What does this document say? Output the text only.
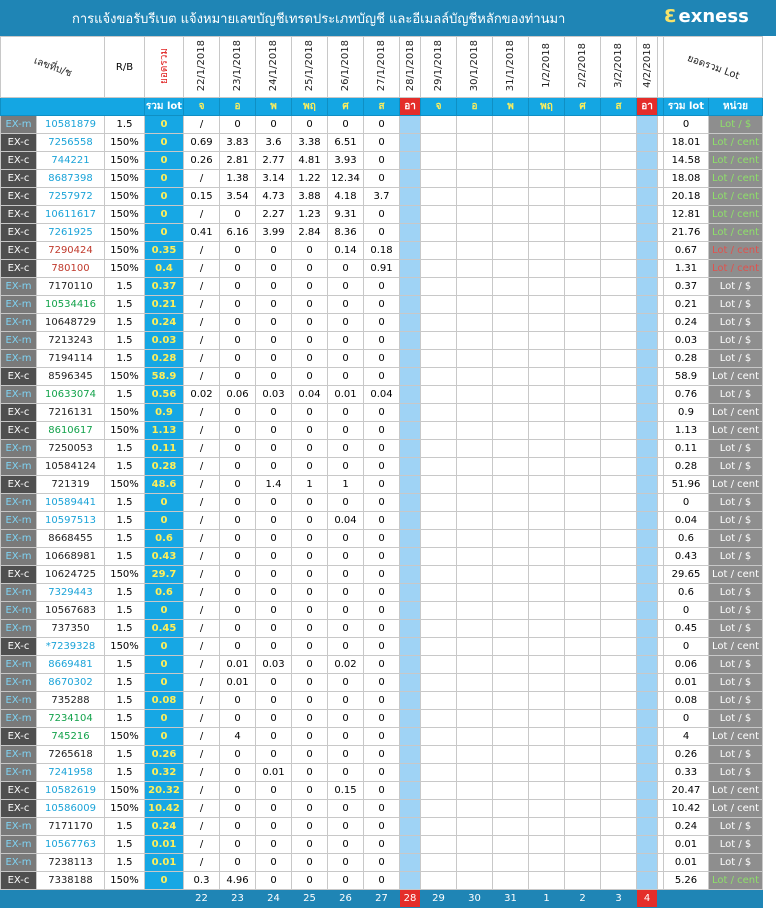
การแจ้งขอรับรีเบต แจ้งหมายเลขบัญชีเทรดประเภทบัญชี และอีเมลล์บัญชีหลักของท่านมา	Ɛ exness
เลขที่บ/ช		R/B	ยอดรวม	22/1/2018	23/1/2018	24/1/2018	25/1/2018	26/1/2018	27/1/2018	28/1/2018	29/1/2018	30/1/2018	31/1/2018	1/2/2018	2/2/2018	3/2/2018	4/2/2018		ยอดรวม Lot	
			รวม lot	จ	อ	พ	พฤ	ศ	ส	อา	จ	อ	พ	พฤ	ศ	ส	อา		รวม lot	หน่วย
EX-m	10581879	1.5	0	/	0	0	0	0	0										0	Lot / $
EX-c	7256558	150%	0	0.69	3.83	3.6	3.38	6.51	0										18.01	Lot / cent
EX-c	744221	150%	0	0.26	2.81	2.77	4.81	3.93	0										14.58	Lot / cent
EX-c	8687398	150%	0	/	1.38	3.14	1.22	12.34	0										18.08	Lot / cent
EX-c	7257972	150%	0	0.15	3.54	4.73	3.88	4.18	3.7										20.18	Lot / cent
EX-c	10611617	150%	0	/	0	2.27	1.23	9.31	0										12.81	Lot / cent
EX-c	7261925	150%	0	0.41	6.16	3.99	2.84	8.36	0										21.76	Lot / cent
EX-c	7290424	150%	0.35	/	0	0	0	0.14	0.18										0.67	Lot / cent
EX-c	780100	150%	0.4	/	0	0	0	0	0.91										1.31	Lot / cent
EX-m	7170110	1.5	0.37	/	0	0	0	0	0										0.37	Lot / $
EX-m	10534416	1.5	0.21	/	0	0	0	0	0										0.21	Lot / $
EX-m	10648729	1.5	0.24	/	0	0	0	0	0										0.24	Lot / $
EX-m	7213243	1.5	0.03	/	0	0	0	0	0										0.03	Lot / $
EX-m	7194114	1.5	0.28	/	0	0	0	0	0										0.28	Lot / $
EX-c	8596345	150%	58.9	/	0	0	0	0	0										58.9	Lot / cent
EX-m	10633074	1.5	0.56	0.02	0.06	0.03	0.04	0.01	0.04										0.76	Lot / $
EX-c	7216131	150%	0.9	/	0	0	0	0	0										0.9	Lot / cent
EX-c	8610617	150%	1.13	/	0	0	0	0	0										1.13	Lot / cent
EX-m	7250053	1.5	0.11	/	0	0	0	0	0										0.11	Lot / $
EX-m	10584124	1.5	0.28	/	0	0	0	0	0										0.28	Lot / $
EX-c	721319	150%	48.6	/	0	1.4	1	1	0										51.96	Lot / cent
EX-m	10589441	1.5	0	/	0	0	0	0	0										0	Lot / $
EX-m	10597513	1.5	0	/	0	0	0	0.04	0										0.04	Lot / $
EX-m	8668455	1.5	0.6	/	0	0	0	0	0										0.6	Lot / $
EX-m	10668981	1.5	0.43	/	0	0	0	0	0										0.43	Lot / $
EX-c	10624725	150%	29.7	/	0	0	0	0	0										29.65	Lot / cent
EX-m	7329443	1.5	0.6	/	0	0	0	0	0										0.6	Lot / $
EX-m	10567683	1.5	0	/	0	0	0	0	0										0	Lot / $
EX-m	737350	1.5	0.45	/	0	0	0	0	0										0.45	Lot / $
EX-c	*7239328	150%	0	/	0	0	0	0	0										0	Lot / cent
EX-m	8669481	1.5	0	/	0.01	0.03	0	0.02	0										0.06	Lot / $
EX-m	8670302	1.5	0	/	0.01	0	0	0	0										0.01	Lot / $
EX-m	735288	1.5	0.08	/	0	0	0	0	0										0.08	Lot / $
EX-m	7234104	1.5	0	/	0	0	0	0	0										0	Lot / $
EX-c	745216	150%	0	/	4	0	0	0	0										4	Lot / cent
EX-m	7265618	1.5	0.26	/	0	0	0	0	0										0.26	Lot / $
EX-m	7241958	1.5	0.32	/	0	0.01	0	0	0										0.33	Lot / $
EX-c	10582619	150%	20.32	/	0	0	0	0.15	0										20.47	Lot / cent
EX-c	10586009	150%	10.42	/	0	0	0	0	0										10.42	Lot / cent
EX-m	7171170	1.5	0.24	/	0	0	0	0	0										0.24	Lot / $
EX-m	10567763	1.5	0.01	/	0	0	0	0	0										0.01	Lot / $
EX-m	7238113	1.5	0.01	/	0	0	0	0	0										0.01	Lot / $
EX-c	7338188	150%	0	0.3	4.96	0	0	0	0										5.26	Lot / cent
				22	23	24	25	26	27	28	29	30	31	1	2	3	4			
